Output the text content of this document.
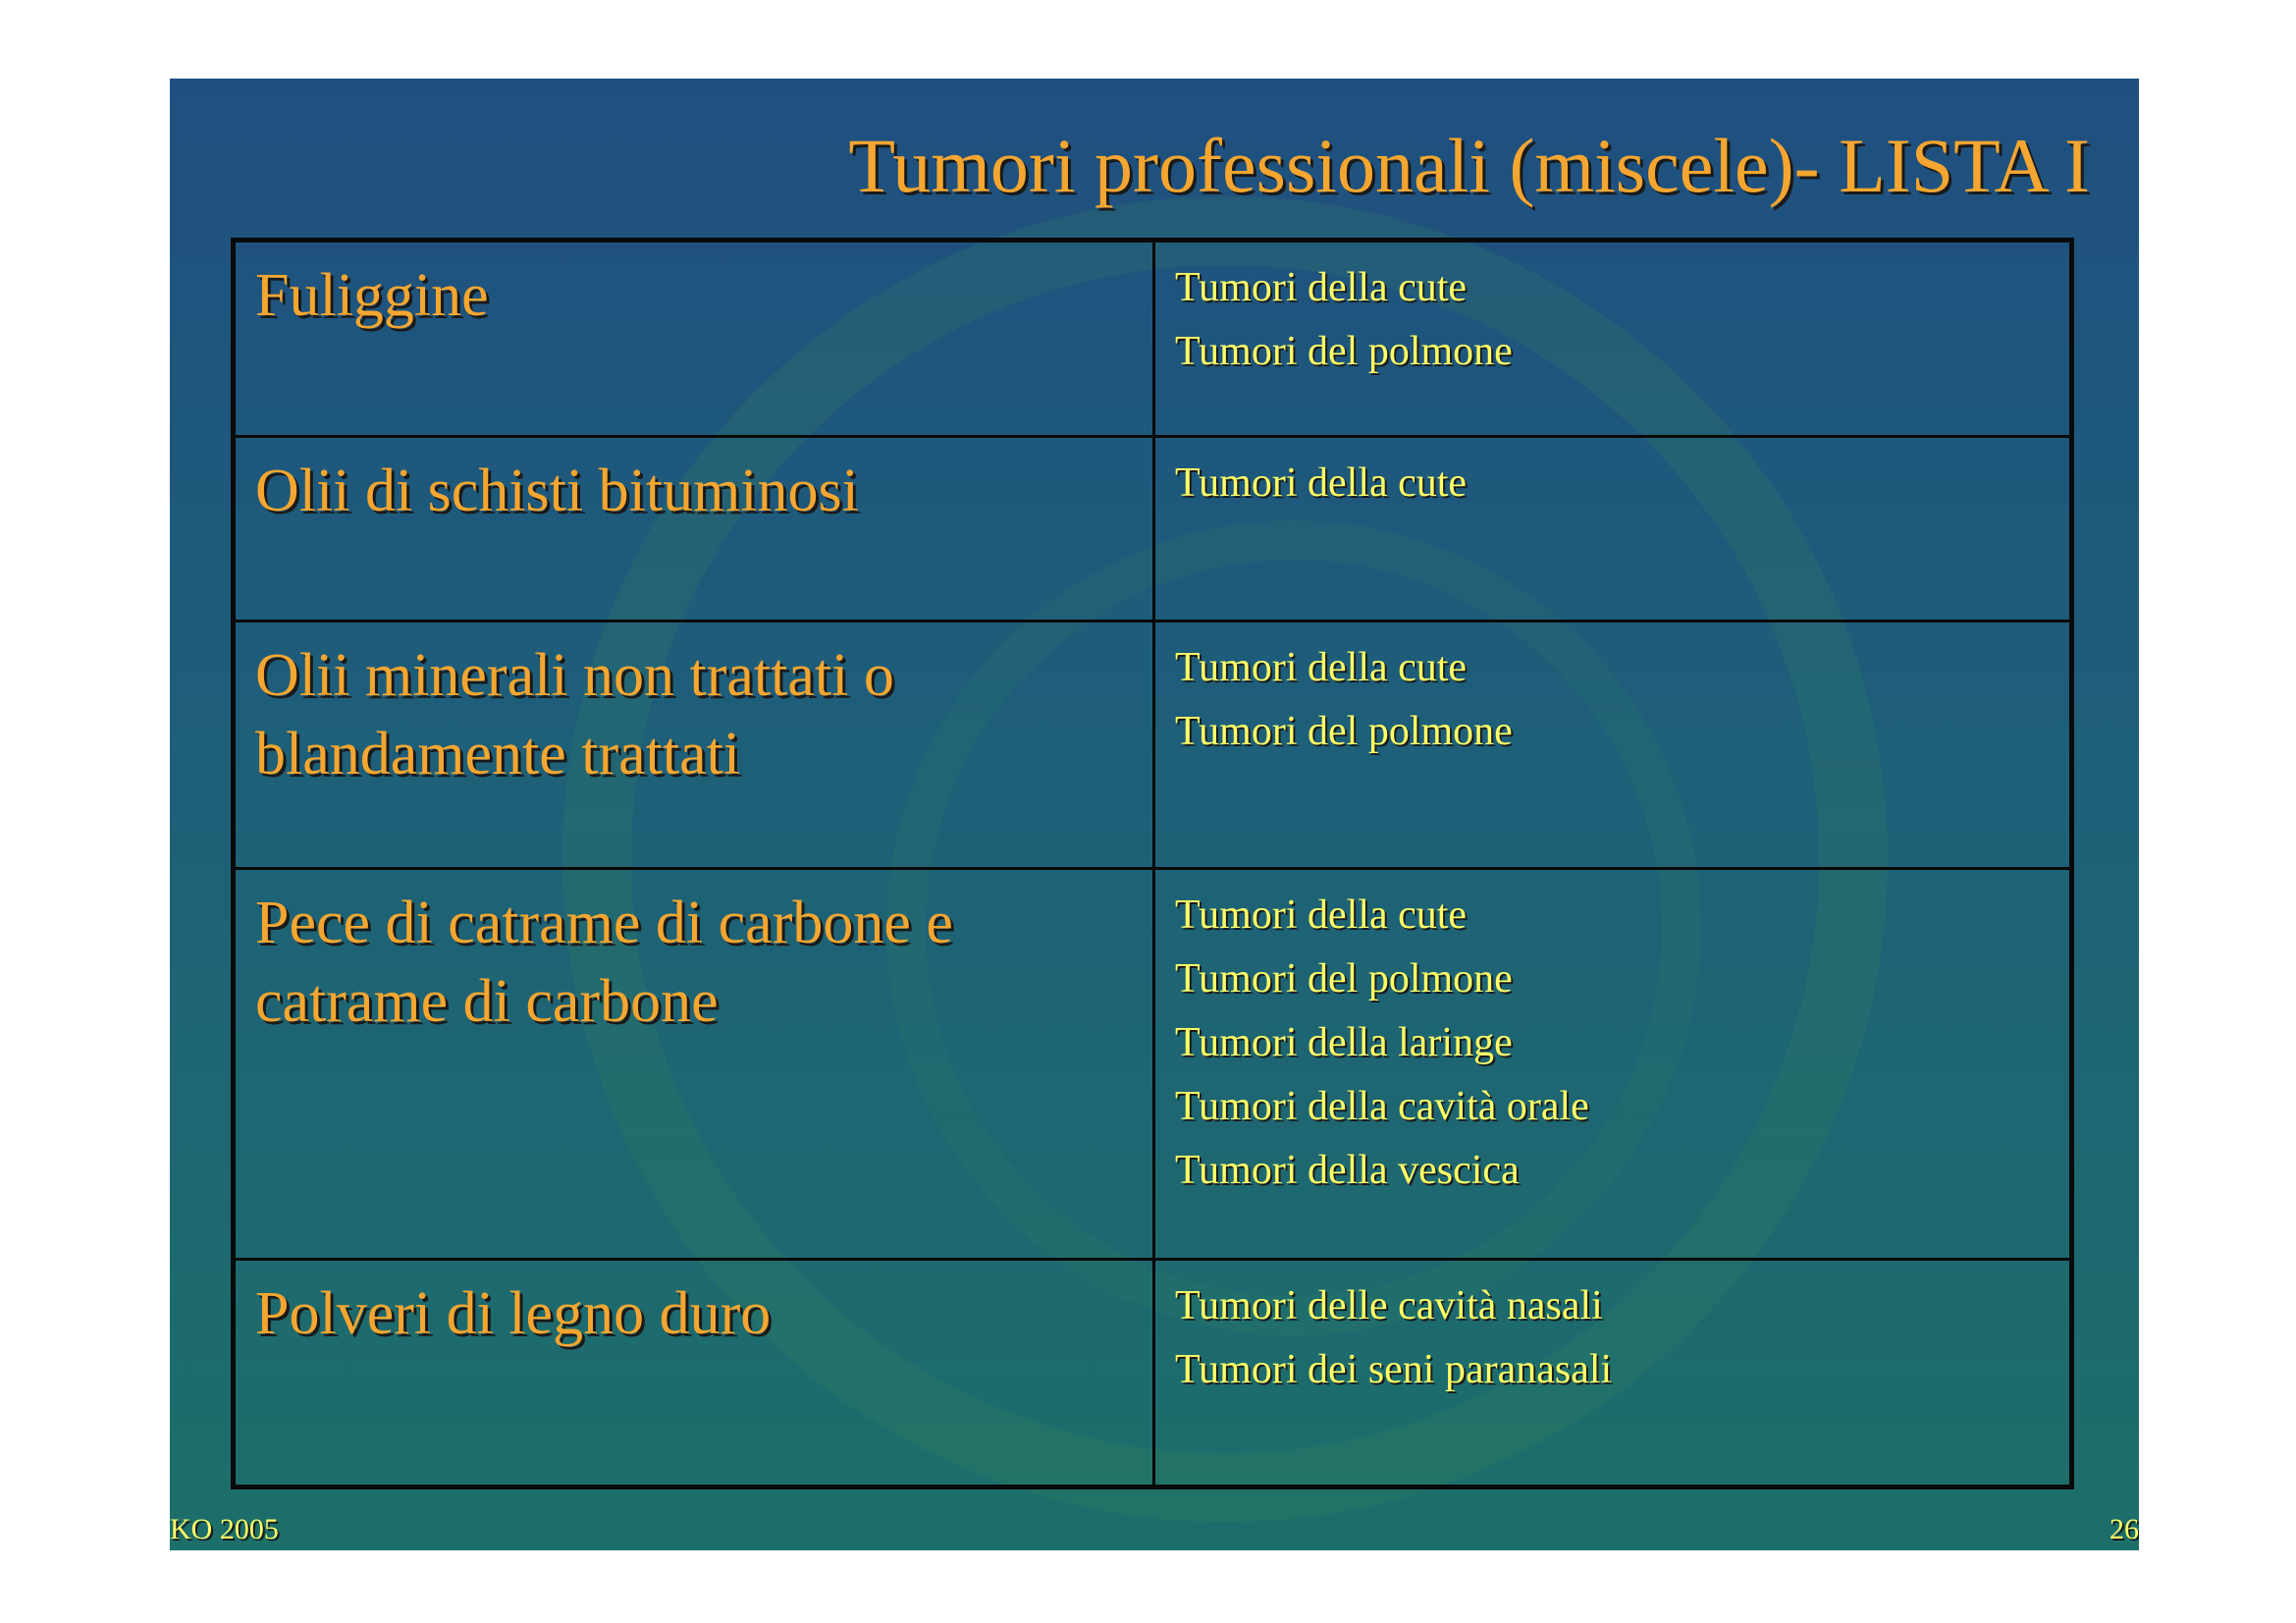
Tumori professionali (miscele)- LISTA I
Fuliggine	Tumori della cute
Tumori del polmone

Olii di schisti bituminosi	Tumori della cute

Olii minerali non trattati o blandamente trattati	Tumori della cute
Tumori del polmone

Pece di catrame di carbone e catrame di carbone	Tumori della cute
Tumori del polmone
Tumori della laringe
Tumori della cavità orale
Tumori della vescica

Polveri di legno duro	Tumori delle cavità nasali
Tumori dei seni paranasali
KO 2005	26
